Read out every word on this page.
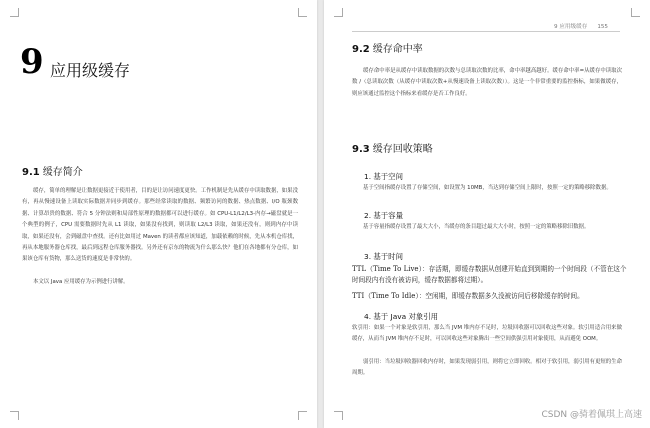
9 应用级缓存
9.1 缓存简介

缓存，简单的理解是让数据更接近于使用者，目的是让访问速度更快。工作机制是先从缓存中读取数据，如果没有，再从慢速设备上读取实际数据并同步到缓存。那些经常读取的数据、频繁访问的数据、热点数据、I/O 瓶颈数据、计算昂贵的数据、符合 5 分钟法则和局部性原理的数据都可以进行缓存。如 CPU-L1/L2/L3-内存→磁盘就是一个典型的例子，CPU 需要数据时先从 L1 读取，如果没有找到，则读取 L2/L3 读取，如果还没有，则到内存中读取，如果还没有，会到磁盘中查找。还有比如用过 Maven 的读者都应该知道，加载依赖的时候，先从本机仓库找，再从本地服务器仓库找，最后到远程仓库服务器找。另外还有京东的物流为什么那么快？他们在各地都有分仓库，如果该仓库有货物，那么送货的速度是非常快的。

本文以 Java 应用缓存为示例进行讲解。

9 应用级缓存 155
9.2 缓存命中率

缓存命中率是从缓存中读取数据的次数与总读取次数的比率，命中率越高越好。缓存命中率=从缓存中读取次数 /（总读取次数（从缓存中读取次数+从慢速设备上读取次数））。这是一个非常重要的监控指标，如果做缓存，则应该通过监控这个指标来看缓存是否工作良好。

9.3 缓存回收策略
1. 基于空间

基于空间指缓存设置了存储空间，如设置为 10MB，当达到存储空间上限时，按照一定的策略移除数据。

2. 基于容量

基于容量指缓存设置了最大大小，当缓存的条目超过最大大小时，按照一定的策略移除旧数据。

3. 基于时间

TTL（Time To Live）：存活期，即缓存数据从创建开始直到到期的一个时间段（不管在这个时间段内有没有被访问，缓存数据都将过期）。

TTI（Time To Idle）：空闲期，即缓存数据多久没被访问后移除缓存的时间。

4. 基于 Java 对象引用

软引用：如果一个对象是软引用，那么当 JVM 堆内存不足时，垃圾回收器可以回收这些对象。软引用适合用来做缓存，从而当 JVM 堆内存不足时，可以回收这些对象腾出一些空间供强引用对象使用，从而避免 OOM。

弱引用：当垃圾回收器回收内存时，如果发现弱引用，则将它立即回收。相对于软引用，弱引用有更短的生命周期。

CSDN @骑着佩琪上高速
